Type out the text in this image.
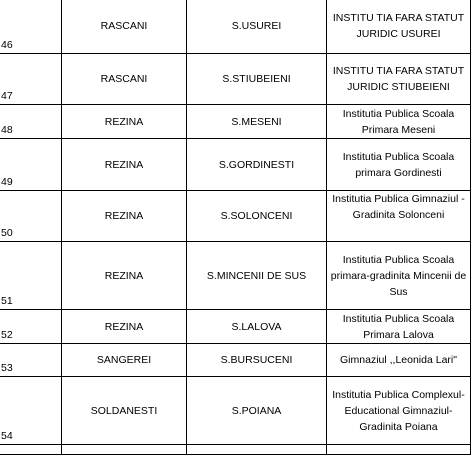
46	RASCANI	S.USUREI	INSTITU TIA FARA STATUT JURIDIC USUREI
47	RASCANI	S.STIUBEIENI	INSTITU TIA FARA STATUT JURIDIC STIUBEIENI
48	REZINA	S.MESENI	Institutia Publica Scoala Primara Meseni
49	REZINA	S.GORDINESTI	Institutia Publica Scoala primara Gordinesti
50	REZINA	S.SOLONCENI	Institutia Publica Gimnaziul - Gradinita Solonceni
51	REZINA	S.MINCENII DE SUS	Institutia Publica Scoala primara-gradinita Mincenii de Sus
52	REZINA	S.LALOVA	Institutia Publica Scoala Primara Lalova
53	SANGEREI	S.BURSUCENI	Gimnaziul ,,Leonida Lari"
54	SOLDANESTI	S.POIANA	Institutia Publica Complexul-Educational Gimnaziul-Gradinita Poiana
